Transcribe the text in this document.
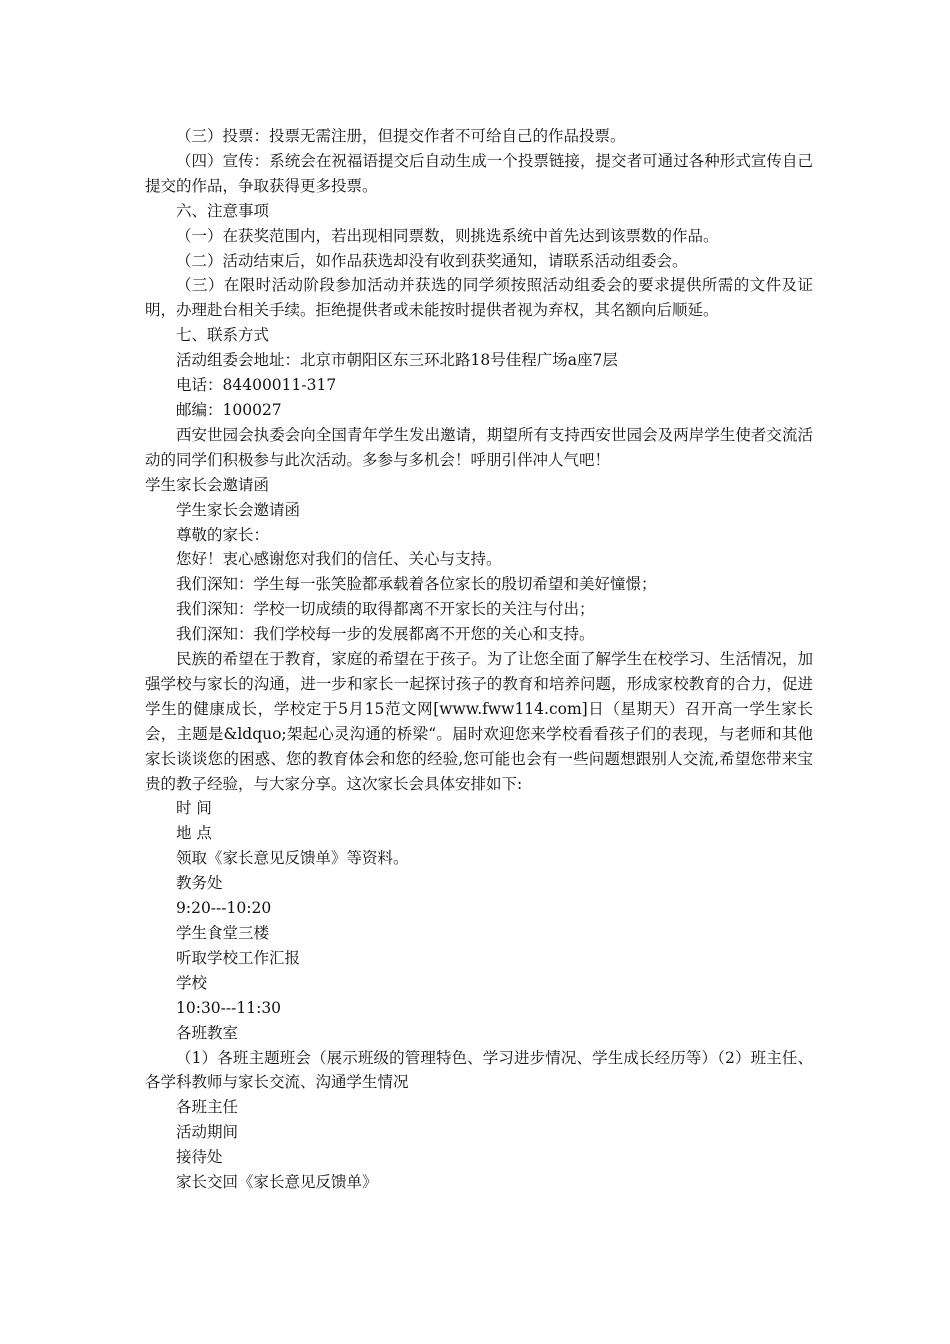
（三）投票：投票无需注册，但提交作者不可给自己的作品投票。

（四）宣传：系统会在祝福语提交后自动生成一个投票链接，提交者可通过各种形式宣传自己提交的作品，争取获得更多投票。

六、注意事项

（一）在获奖范围内，若出现相同票数，则挑选系统中首先达到该票数的作品。

（二）活动结束后，如作品获选却没有收到获奖通知，请联系活动组委会。

（三）在限时活动阶段参加活动并获选的同学须按照活动组委会的要求提供所需的文件及证明，办理赴台相关手续。拒绝提供者或未能按时提供者视为弃权，其名额向后顺延。

七、联系方式

活动组委会地址：北京市朝阳区东三环北路18号佳程广场a座7层

电话：84400011-317

邮编：100027

西安世园会执委会向全国青年学生发出邀请，期望所有支持西安世园会及两岸学生使者交流活动的同学们积极参与此次活动。多参与多机会！呼朋引伴冲人气吧！

学生家长会邀请函

学生家长会邀请函

尊敬的家长：

您好！衷心感谢您对我们的信任、关心与支持。

我们深知：学生每一张笑脸都承载着各位家长的殷切希望和美好憧憬；

我们深知：学校一切成绩的取得都离不开家长的关注与付出；

我们深知：我们学校每一步的发展都离不开您的关心和支持。

民族的希望在于教育，家庭的希望在于孩子。为了让您全面了解学生在校学习、生活情况，加强学校与家长的沟通，进一步和家长一起探讨孩子的教育和培养问题，形成家校教育的合力，促进学生的健康成长，学校定于5月15范文网[www.fww114.com]日（星期天）召开高一学生家长会，主题是&ldquo;架起心灵沟通的桥梁“。届时欢迎您来学校看看孩子们的表现，与老师和其他家长谈谈您的困惑、您的教育体会和您的经验,您可能也会有一些问题想跟别人交流,希望您带来宝贵的教子经验，与大家分享。这次家长会具体安排如下:

时 间

地 点

领取《家长意见反馈单》等资料。

教务处

9:20---10:20

学生食堂三楼

听取学校工作汇报

学校

10:30---11:30

各班教室

（1）各班主题班会（展示班级的管理特色、学习进步情况、学生成长经历等）（2）班主任、各学科教师与家长交流、沟通学生情况

各班主任

活动期间

接待处

家长交回《家长意见反馈单》
